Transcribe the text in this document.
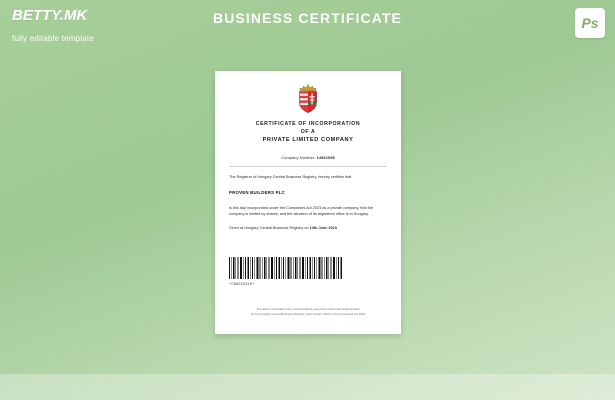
BETTY.MK
fully editable template
BUSINESS CERTIFICATE	Ps
CERTIFICATE OF INCORPORATION
OF A
PRIVATE LIMITED COMPANY
Company Number: 14962098

The Registrar of Hungary Central Business Registry, hereby certifies that

PROVEN BUILDERS PLC

is this day incorporated under the Companies Act 2023 as a private company, that the company is limited by shares, and the situation of its registered office is in Hungary.

Given at Hungary Central Business Registry on 14th June 2023

*CN9023310*
The above information was commercially/by electronic means and authenticated
by the Hungary Central Business Registry under section 1109 of the Companies Act 2023
